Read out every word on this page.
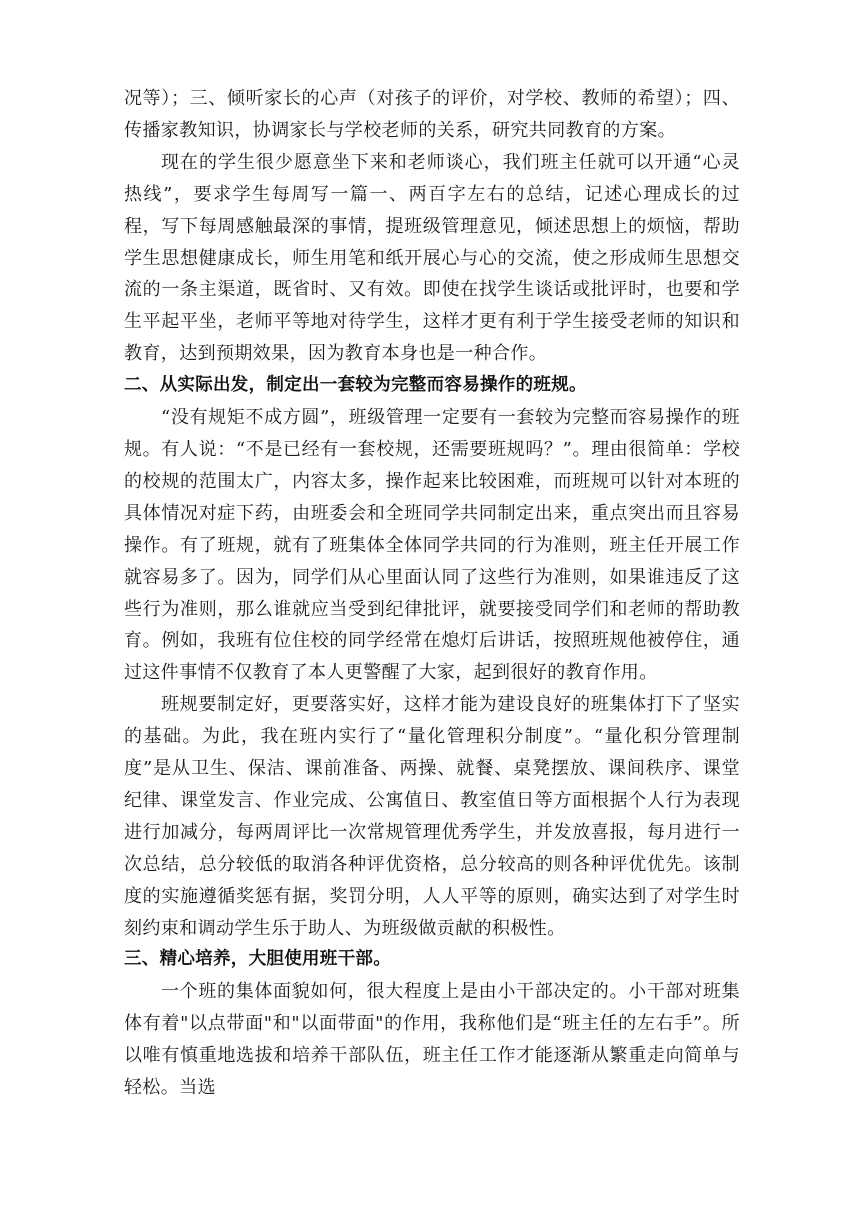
况等）；三、倾听家长的心声（对孩子的评价，对学校、教师的希望）；四、传播家教知识，协调家长与学校老师的关系，研究共同教育的方案。

现在的学生很少愿意坐下来和老师谈心，我们班主任就可以开通“心灵热线”，要求学生每周写一篇一、两百字左右的总结，记述心理成长的过程，写下每周感触最深的事情，提班级管理意见，倾述思想上的烦恼，帮助学生思想健康成长，师生用笔和纸开展心与心的交流，使之形成师生思想交流的一条主渠道，既省时、又有效。即使在找学生谈话或批评时，也要和学生平起平坐，老师平等地对待学生，这样才更有利于学生接受老师的知识和教育，达到预期效果，因为教育本身也是一种合作。

二、从实际出发，制定出一套较为完整而容易操作的班规。

“没有规矩不成方圆”，班级管理一定要有一套较为完整而容易操作的班规。有人说：“不是已经有一套校规，还需要班规吗？”。理由很简单：学校的校规的范围太广，内容太多，操作起来比较困难，而班规可以针对本班的具体情况对症下药，由班委会和全班同学共同制定出来，重点突出而且容易操作。有了班规，就有了班集体全体同学共同的行为准则，班主任开展工作就容易多了。因为，同学们从心里面认同了这些行为准则，如果谁违反了这些行为准则，那么谁就应当受到纪律批评，就要接受同学们和老师的帮助教育。例如，我班有位住校的同学经常在熄灯后讲话，按照班规他被停住，通过这件事情不仅教育了本人更警醒了大家，起到很好的教育作用。

班规要制定好，更要落实好，这样才能为建设良好的班集体打下了坚实的基础。为此，我在班内实行了“量化管理积分制度”。“量化积分管理制度”是从卫生、保洁、课前准备、两操、就餐、桌凳摆放、课间秩序、课堂纪律、课堂发言、作业完成、公寓值日、教室值日等方面根据个人行为表现进行加减分，每两周评比一次常规管理优秀学生，并发放喜报，每月进行一次总结，总分较低的取消各种评优资格，总分较高的则各种评优优先。该制度的实施遵循奖惩有据，奖罚分明，人人平等的原则，确实达到了对学生时刻约束和调动学生乐于助人、为班级做贡献的积极性。

三、精心培养，大胆使用班干部。

一个班的集体面貌如何，很大程度上是由小干部决定的。小干部对班集体有着"以点带面"和"以面带面"的作用，我称他们是“班主任的左右手”。所以唯有慎重地选拔和培养干部队伍，班主任工作才能逐渐从繁重走向简单与轻松。当选
